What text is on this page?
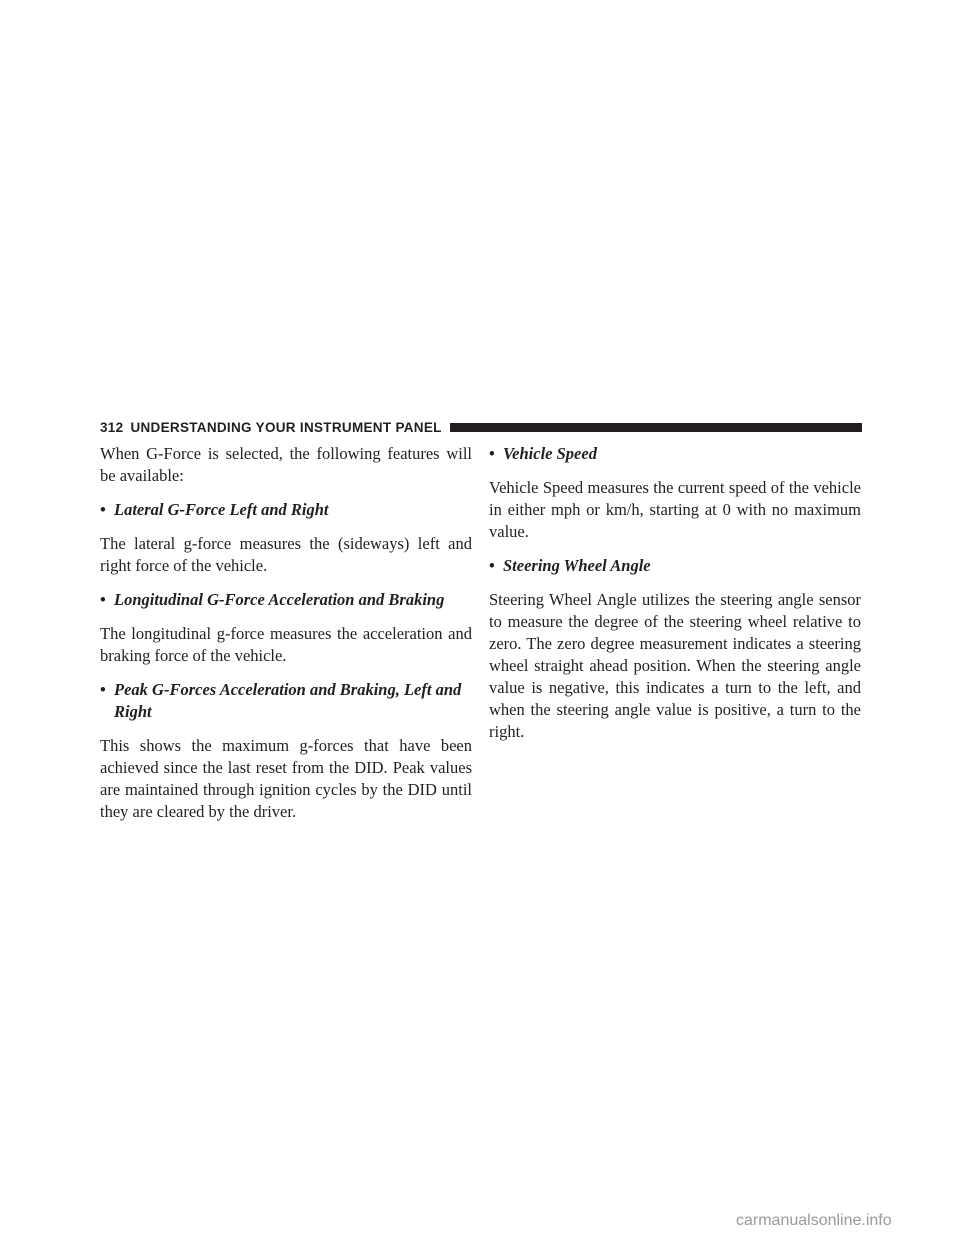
312 UNDERSTANDING YOUR INSTRUMENT PANEL

When G-Force is selected, the following features will be available:

• Lateral G-Force Left and Right

The lateral g-force measures the (sideways) left and right force of the vehicle.

• Longitudinal G-Force Acceleration and Braking

The longitudinal g-force measures the acceleration and braking force of the vehicle.

• Peak G-Forces Acceleration and Braking, Left and Right

This shows the maximum g-forces that have been achieved since the last reset from the DID. Peak values are maintained through ignition cycles by the DID until they are cleared by the driver.

• Vehicle Speed

Vehicle Speed measures the current speed of the vehicle in either mph or km/h, starting at 0 with no maximum value.

• Steering Wheel Angle

Steering Wheel Angle utilizes the steering angle sensor to measure the degree of the steering wheel relative to zero. The zero degree measurement indicates a steering wheel straight ahead position. When the steering angle value is negative, this indicates a turn to the left, and when the steering angle value is positive, a turn to the right.

carmanualsonline.info
